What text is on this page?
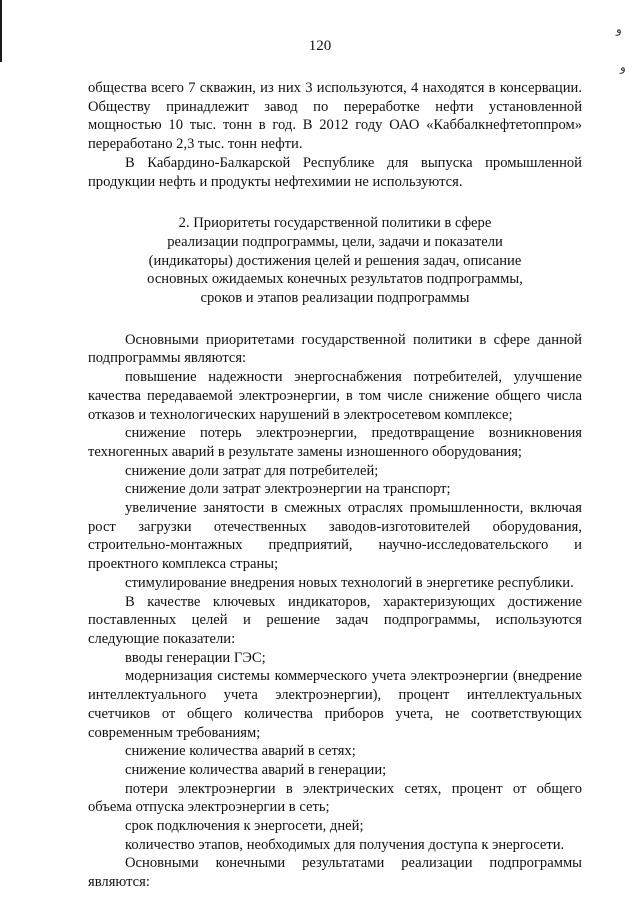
ﻭ
ﻭ
120

общества всего 7 скважин, из них 3 используются, 4 находятся в консервации. Обществу принадлежит завод по переработке нефти установленной мощностью 10 тыс. тонн в год. В 2012 году ОАО «Каббалкнефтетоппром» переработано 2,3 тыс. тонн нефти.

В Кабардино-Балкарской Республике для выпуска промышленной продукции нефть и продукты нефтехимии не используются.

2. Приоритеты государственной политики в сфере
реализации подпрограммы, цели, задачи и показатели
(индикаторы) достижения целей и решения задач, описание
основных ожидаемых конечных результатов подпрограммы,
сроков и этапов реализации подпрограммы

Основными приоритетами государственной политики в сфере данной подпрограммы являются:

повышение надежности энергоснабжения потребителей, улучшение качества передаваемой электроэнергии, в том числе снижение общего числа отказов и технологических нарушений в электросетевом комплексе;

снижение потерь электроэнергии, предотвращение возникновения техногенных аварий в результате замены изношенного оборудования;

снижение доли затрат для потребителей;

снижение доли затрат электроэнергии на транспорт;

увеличение занятости в смежных отраслях промышленности, включая рост загрузки отечественных заводов-изготовителей оборудования, строительно-монтажных предприятий, научно-исследовательского и проектного комплекса страны;

стимулирование внедрения новых технологий в энергетике республики.

В качестве ключевых индикаторов, характеризующих достижение поставленных целей и решение задач подпрограммы, используются следующие показатели:

вводы генерации ГЭС;

модернизация системы коммерческого учета электроэнергии (внедрение интеллектуального учета электроэнергии), процент интеллектуальных счетчиков от общего количества приборов учета, не соответствующих современным требованиям;

снижение количества аварий в сетях;

снижение количества аварий в генерации;

потери электроэнергии в электрических сетях, процент от общего объема отпуска электроэнергии в сеть;

срок подключения к энергосети, дней;

количество этапов, необходимых для получения доступа к энергосети.

Основными конечными результатами реализации подпрограммы являются:
